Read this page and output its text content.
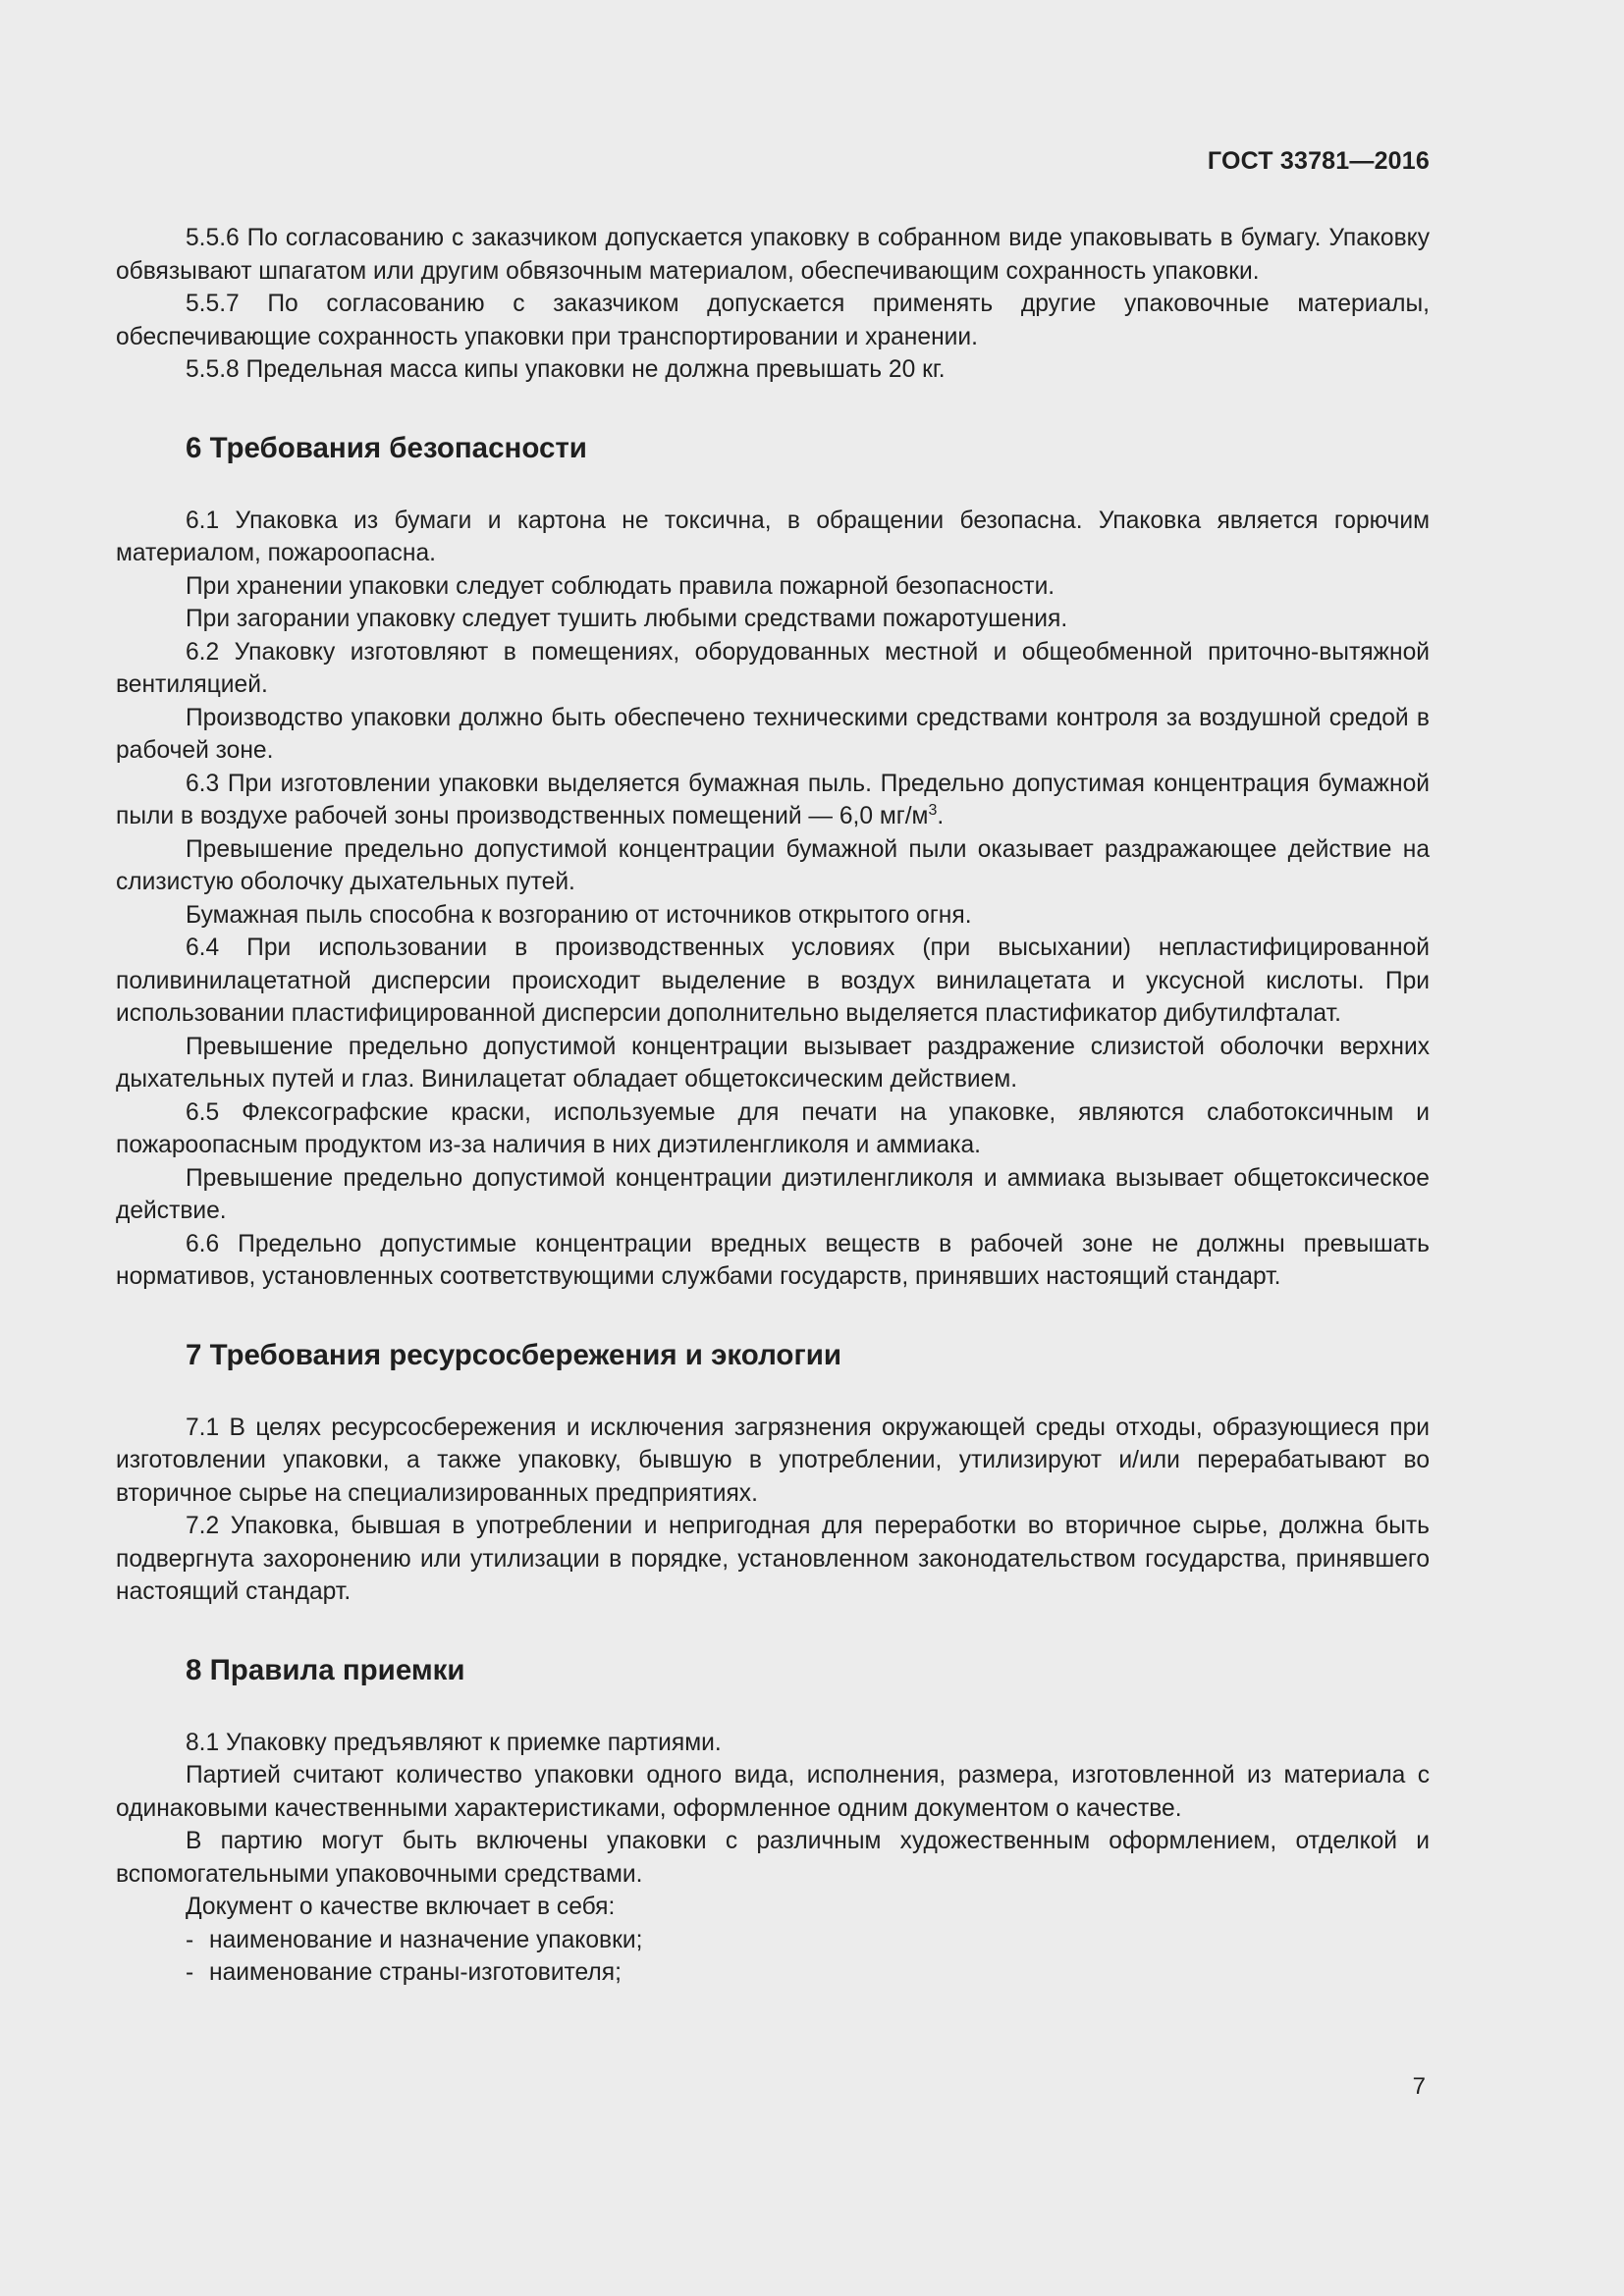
ГОСТ 33781—2016

5.5.6 По согласованию с заказчиком допускается упаковку в собранном виде упаковывать в бумагу. Упаковку обвязывают шпагатом или другим обвязочным материалом, обеспечивающим сохранность упаковки.

5.5.7 По согласованию с заказчиком допускается применять другие упаковочные материалы, обеспечивающие сохранность упаковки при транспортировании и хранении.

5.5.8 Предельная масса кипы упаковки не должна превышать 20 кг.

6 Требования безопасности

6.1 Упаковка из бумаги и картона не токсична, в обращении безопасна. Упаковка является горючим материалом, пожароопасна.

При хранении упаковки следует соблюдать правила пожарной безопасности.

При загорании упаковку следует тушить любыми средствами пожаротушения.

6.2 Упаковку изготовляют в помещениях, оборудованных местной и общеобменной приточно-вытяжной вентиляцией.

Производство упаковки должно быть обеспечено техническими средствами контроля за воздушной средой в рабочей зоне.

6.3 При изготовлении упаковки выделяется бумажная пыль. Предельно допустимая концентрация бумажной пыли в воздухе рабочей зоны производственных помещений — 6,0 $мг/м^3$.

Превышение предельно допустимой концентрации бумажной пыли оказывает раздражающее действие на слизистую оболочку дыхательных путей.

Бумажная пыль способна к возгоранию от источников открытого огня.

6.4 При использовании в производственных условиях (при высыхании) непластифицированной поливинилацетатной дисперсии происходит выделение в воздух винилацетата и уксусной кислоты. При использовании пластифицированной дисперсии дополнительно выделяется пластификатор дибутилфталат.

Превышение предельно допустимой концентрации вызывает раздражение слизистой оболочки верхних дыхательных путей и глаз. Винилацетат обладает общетоксическим действием.

6.5 Флексографские краски, используемые для печати на упаковке, являются слаботоксичным и пожароопасным продуктом из-за наличия в них диэтиленгликоля и аммиака.

Превышение предельно допустимой концентрации диэтиленгликоля и аммиака вызывает общетоксическое действие.

6.6 Предельно допустимые концентрации вредных веществ в рабочей зоне не должны превышать нормативов, установленных соответствующими службами государств, принявших настоящий стандарт.

7 Требования ресурсосбережения и экологии

7.1 В целях ресурсосбережения и исключения загрязнения окружающей среды отходы, образующиеся при изготовлении упаковки, а также упаковку, бывшую в употреблении, утилизируют и/или перерабатывают во вторичное сырье на специализированных предприятиях.

7.2 Упаковка, бывшая в употреблении и непригодная для переработки во вторичное сырье, должна быть подвергнута захоронению или утилизации в порядке, установленном законодательством государства, принявшего настоящий стандарт.

8 Правила приемки

8.1 Упаковку предъявляют к приемке партиями.

Партией считают количество упаковки одного вида, исполнения, размера, изготовленной из материала с одинаковыми качественными характеристиками, оформленное одним документом о качестве.

В партию могут быть включены упаковки с различным художественным оформлением, отделкой и вспомогательными упаковочными средствами.

Документ о качестве включает в себя:

- наименование и назначение упаковки;
- наименование страны-изготовителя;
7
